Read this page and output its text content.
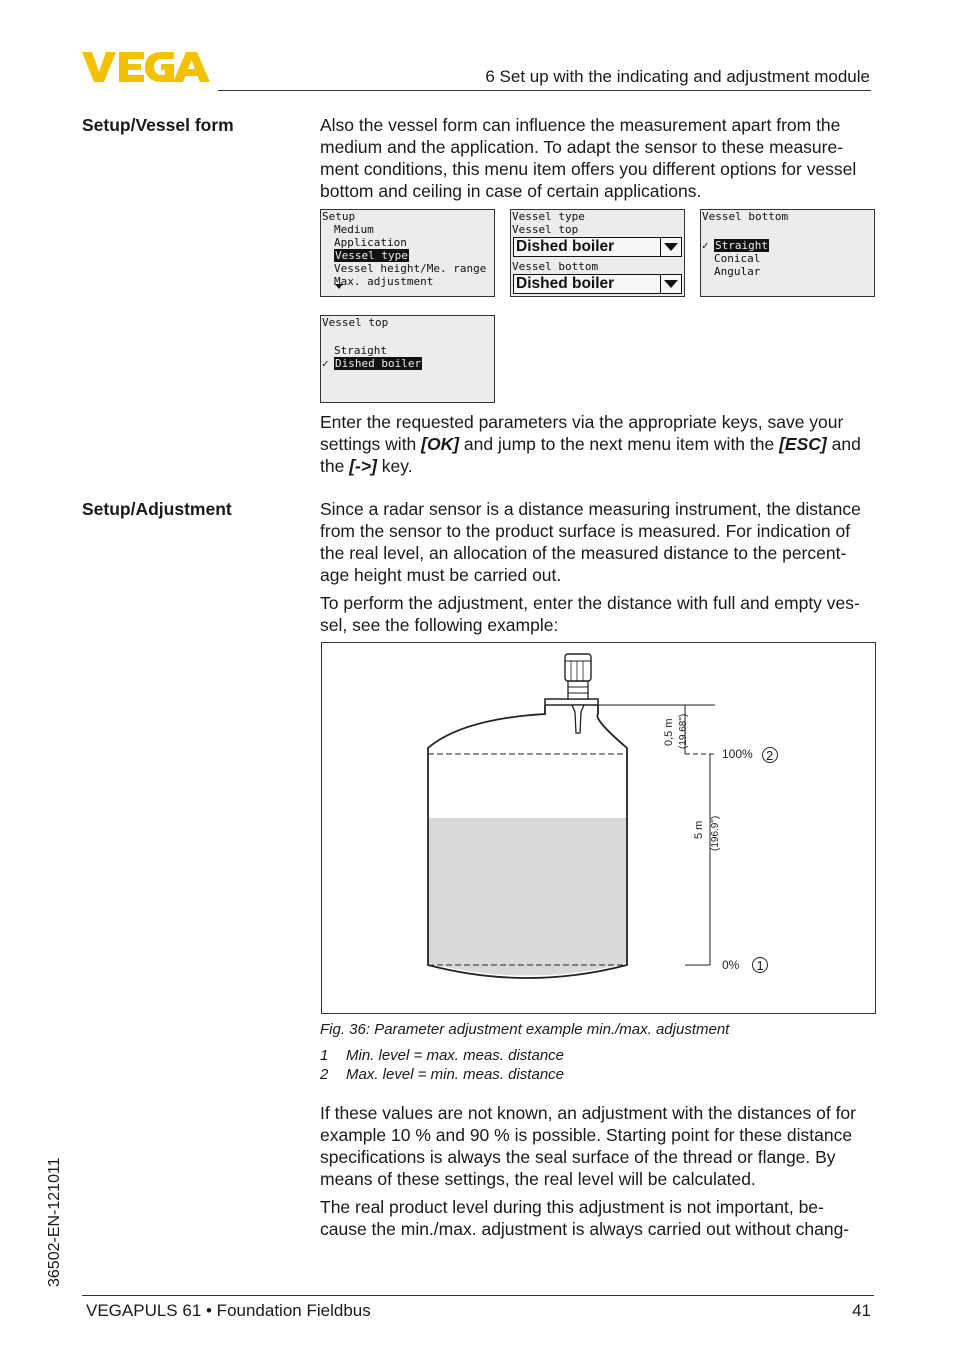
6 Set up with the indicating and adjustment module
Setup/Vessel form	Also the vessel form can influence the measurement apart from the

medium and the application. To adapt the sensor to these measure-

ment conditions, this menu item offers you different options for vessel

bottom and ceiling in case of certain applications.

Setup
Medium
Application
Vessel type
Vessel height/Me. range
Max. adjustment
Vessel type
Vessel top
Dished boiler
Vessel bottom
Dished boiler
Vessel bottom
✓ Straight
Conical
Angular
Vessel top
Straight
✓ Dished boiler

Enter the requested parameters via the appropriate keys, save your

settings with [OK] and jump to the next menu item with the [ESC] and

the [->] key.

Setup/Adjustment	Since a radar sensor is a distance measuring instrument, the distance

from the sensor to the product surface is measured. For indication of

the real level, an allocation of the measured distance to the percent-

age height must be carried out.

To perform the adjustment, enter the distance with full and empty ves-

sel, see the following example:

0,5 m (19.68")
5 m (196.9")
100%
0%
2
1
Fig. 36: Parameter adjustment example min./max. adjustment
1 Min. level = max. meas. distance
2 Max. level = min. meas. distance

If these values are not known, an adjustment with the distances of for

example 10 % and 90 % is possible. Starting point for these distance

specifications is always the seal surface of the thread or flange. By

means of these settings, the real level will be calculated.

The real product level during this adjustment is not important, be-

cause the min./max. adjustment is always carried out without chang-

36502-EN-121011
VEGAPULS 61 • Foundation Fieldbus	41
